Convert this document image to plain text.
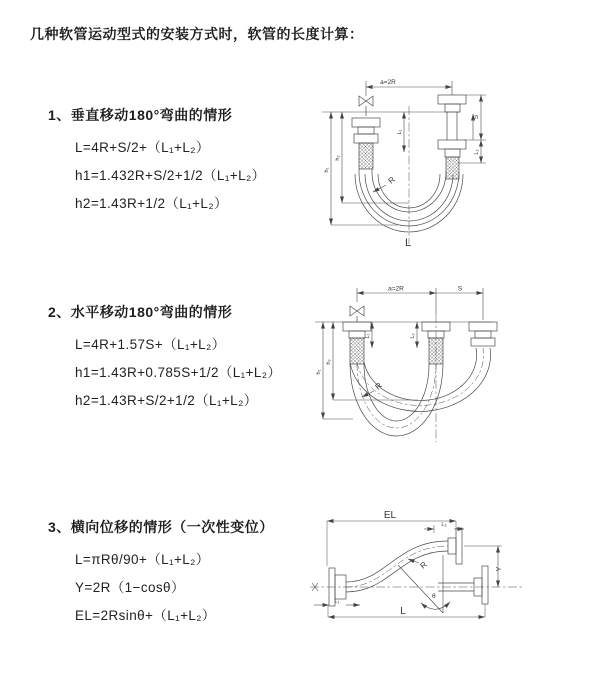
几种软管运动型式的安装方式时，软管的长度计算：
1、垂直移动180°弯曲的情形
L=4R+S/2+（L₁+L₂）
h1=1.432R+S/2+1/2（L₁+L₂）
h2=1.43R+1/2（L₁+L₂）
2、水平移动180°弯曲的情形
L=4R+1.57S+（L₁+L₂）
h1=1.43R+0.785S+1/2（L₁+L₂）
h2=1.43R+S/2+1/2（L₁+L₂）
3、横向位移的情形（一次性变位）
L=πRθ/90+（L₁+L₂）
Y=2R（1−cosθ）
EL=2Rsinθ+（L₁+L₂）
a=2R
S
L₂
L₁
h₁
h₂
R
L
a=2R	S
h₁
h₂
L₁	L₂
R
EL
L₂
Y
L
L₁
R
θ
